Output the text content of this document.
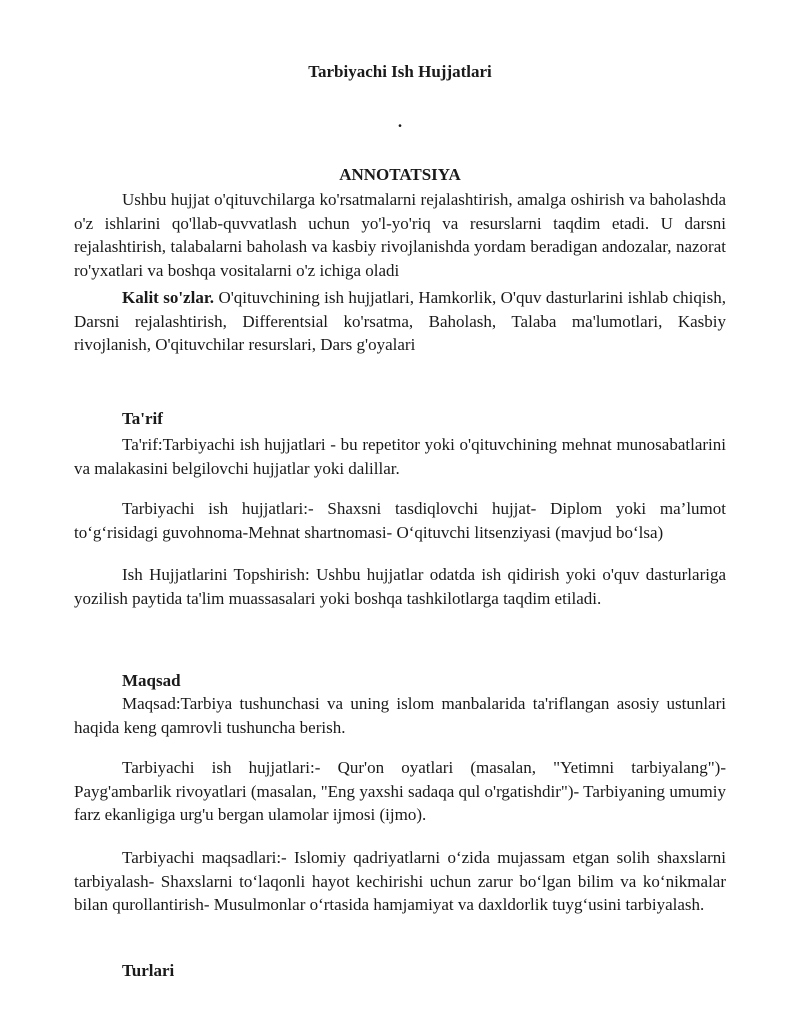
Tarbiyachi Ish Hujjatlari
.
ANNOTATSIYA

Ushbu hujjat o'qituvchilarga ko'rsatmalarni rejalashtirish, amalga oshirish va baholashda o'z ishlarini qo'llab-quvvatlash uchun yo'l-yo'riq va resurslarni taqdim etadi. U darsni rejalashtirish, talabalarni baholash va kasbiy rivojlanishda yordam beradigan andozalar, nazorat ro'yxatlari va boshqa vositalarni o'z ichiga oladi

Kalit so'zlar. O'qituvchining ish hujjatlari, Hamkorlik, O'quv dasturlarini ishlab chiqish, Darsni rejalashtirish, Differentsial ko'rsatma, Baholash, Talaba ma'lumotlari, Kasbiy rivojlanish, O'qituvchilar resurslari, Dars g'oyalari

Ta'rif

Ta'rif:Tarbiyachi ish hujjatlari - bu repetitor yoki o'qituvchining mehnat munosabatlarini va malakasini belgilovchi hujjatlar yoki dalillar.

Tarbiyachi ish hujjatlari:- Shaxsni tasdiqlovchi hujjat- Diplom yoki ma’lumot to‘g‘risidagi guvohnoma-Mehnat shartnomasi- O‘qituvchi litsenziyasi (mavjud bo‘lsa)

Ish Hujjatlarini Topshirish: Ushbu hujjatlar odatda ish qidirish yoki o'quv dasturlariga yozilish paytida ta'lim muassasalari yoki boshqa tashkilotlarga taqdim etiladi.

Maqsad

Maqsad:Tarbiya tushunchasi va uning islom manbalarida ta'riflangan asosiy ustunlari haqida keng qamrovli tushuncha berish.

Tarbiyachi ish hujjatlari:- Qur'on oyatlari (masalan, "Yetimni tarbiyalang")- Payg'ambarlik rivoyatlari (masalan, "Eng yaxshi sadaqa qul o'rgatishdir")- Tarbiyaning umumiy farz ekanligiga urg'u bergan ulamolar ijmosi (ijmo).

Tarbiyachi maqsadlari:- Islomiy qadriyatlarni o‘zida mujassam etgan solih shaxslarni tarbiyalash- Shaxslarni to‘laqonli hayot kechirishi uchun zarur bo‘lgan bilim va ko‘nikmalar bilan qurollantirish- Musulmonlar o‘rtasida hamjamiyat va daxldorlik tuyg‘usini tarbiyalash.

Turlari
